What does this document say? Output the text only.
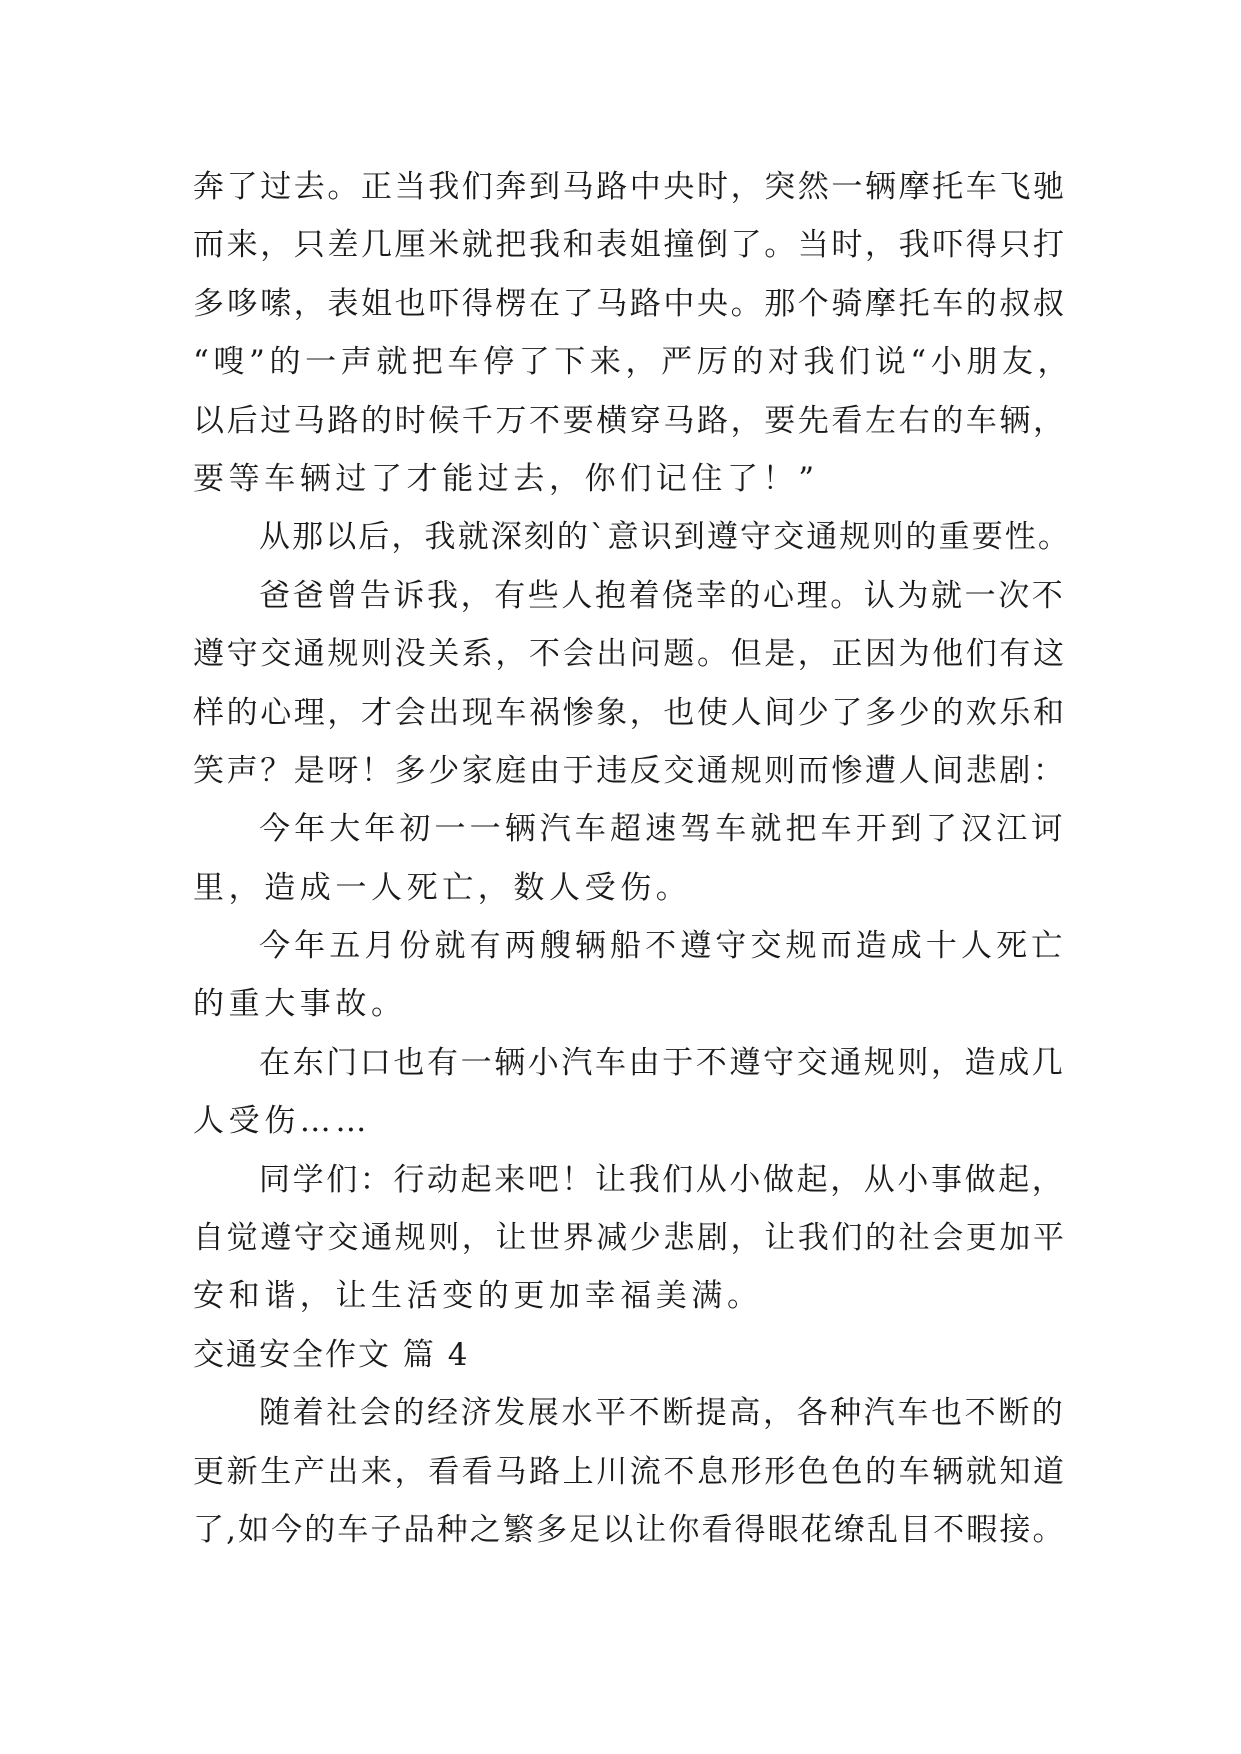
奔了过去。正当我们奔到马路中央时，突然一辆摩托车飞驰
而来，只差几厘米就把我和表姐撞倒了。当时，我吓得只打
多哆嗦，表姐也吓得楞在了马路中央。那个骑摩托车的叔叔
“嗖”的一声就把车停了下来，严厉的对我们说“小朋友，
以后过马路的时候千万不要横穿马路，要先看左右的车辆，
要等车辆过了才能过去，你们记住了！”
从那以后，我就深刻的`意识到遵守交通规则的重要性。
爸爸曾告诉我，有些人抱着侥幸的心理。认为就一次不
遵守交通规则没关系，不会出问题。但是，正因为他们有这
样的心理，才会出现车祸惨象，也使人间少了多少的欢乐和
笑声？是呀！多少家庭由于违反交通规则而惨遭人间悲剧：
今年大年初一一辆汽车超速驾车就把车开到了汉江诃
里，造成一人死亡，数人受伤。
今年五月份就有两艘辆船不遵守交规而造成十人死亡
的重大事故。
在东门口也有一辆小汽车由于不遵守交通规则，造成几
人受伤……
同学们：行动起来吧！让我们从小做起，从小事做起，
自觉遵守交通规则，让世界减少悲剧，让我们的社会更加平
安和谐，让生活变的更加幸福美满。
交通安全作文 篇 4
随着社会的经济发展水平不断提高，各种汽车也不断的
更新生产出来，看看马路上川流不息形形色色的车辆就知道
了,如今的车子品种之繁多足以让你看得眼花缭乱目不暇接。
